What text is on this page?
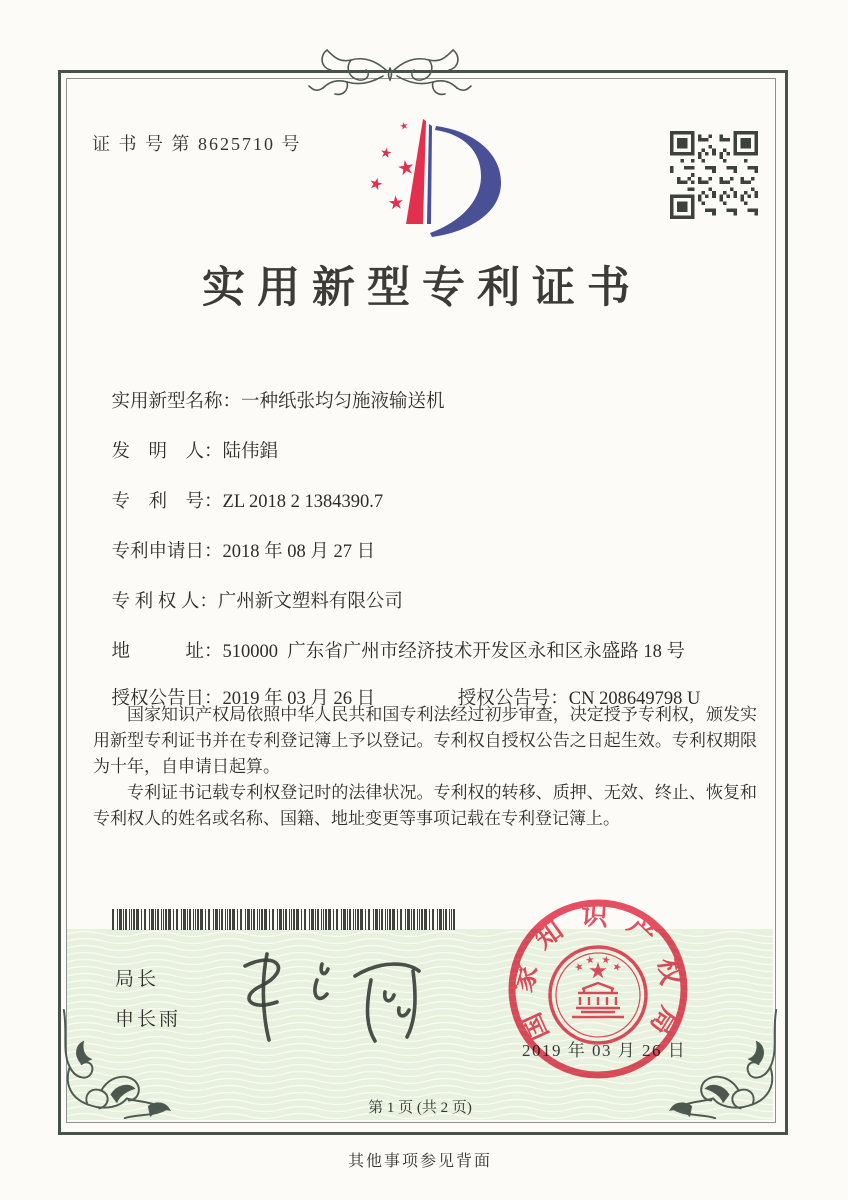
证 书 号 第 8625710 号
实用新型专利证书

实用新型名称：一种纸张均匀施液输送机

发　明　人：陆伟錩

专　利　号：ZL 2018 2 1384390.7

专利申请日：2018 年 08 月 27 日

专 利 权 人：广州新文塑料有限公司

地　　　址：510000  广东省广州市经济技术开发区永和区永盛路 18 号

授权公告日：2019 年 03 月 26 日
	授权公告号：CN 208649798 U

国家知识产权局依照中华人民共和国专利法经过初步审查，决定授予专利权，颁发实用新型专利证书并在专利登记簿上予以登记。专利权自授权公告之日起生效。专利权期限为十年，自申请日起算。

专利证书记载专利权登记时的法律状况。专利权的转移、质押、无效、终止、恢复和专利权人的姓名或名称、国籍、地址变更等事项记载在专利登记簿上。

局长
申长雨
2019 年 03 月 26 日
国家知识产权局
第 1 页 (共 2 页)
其他事项参见背面
